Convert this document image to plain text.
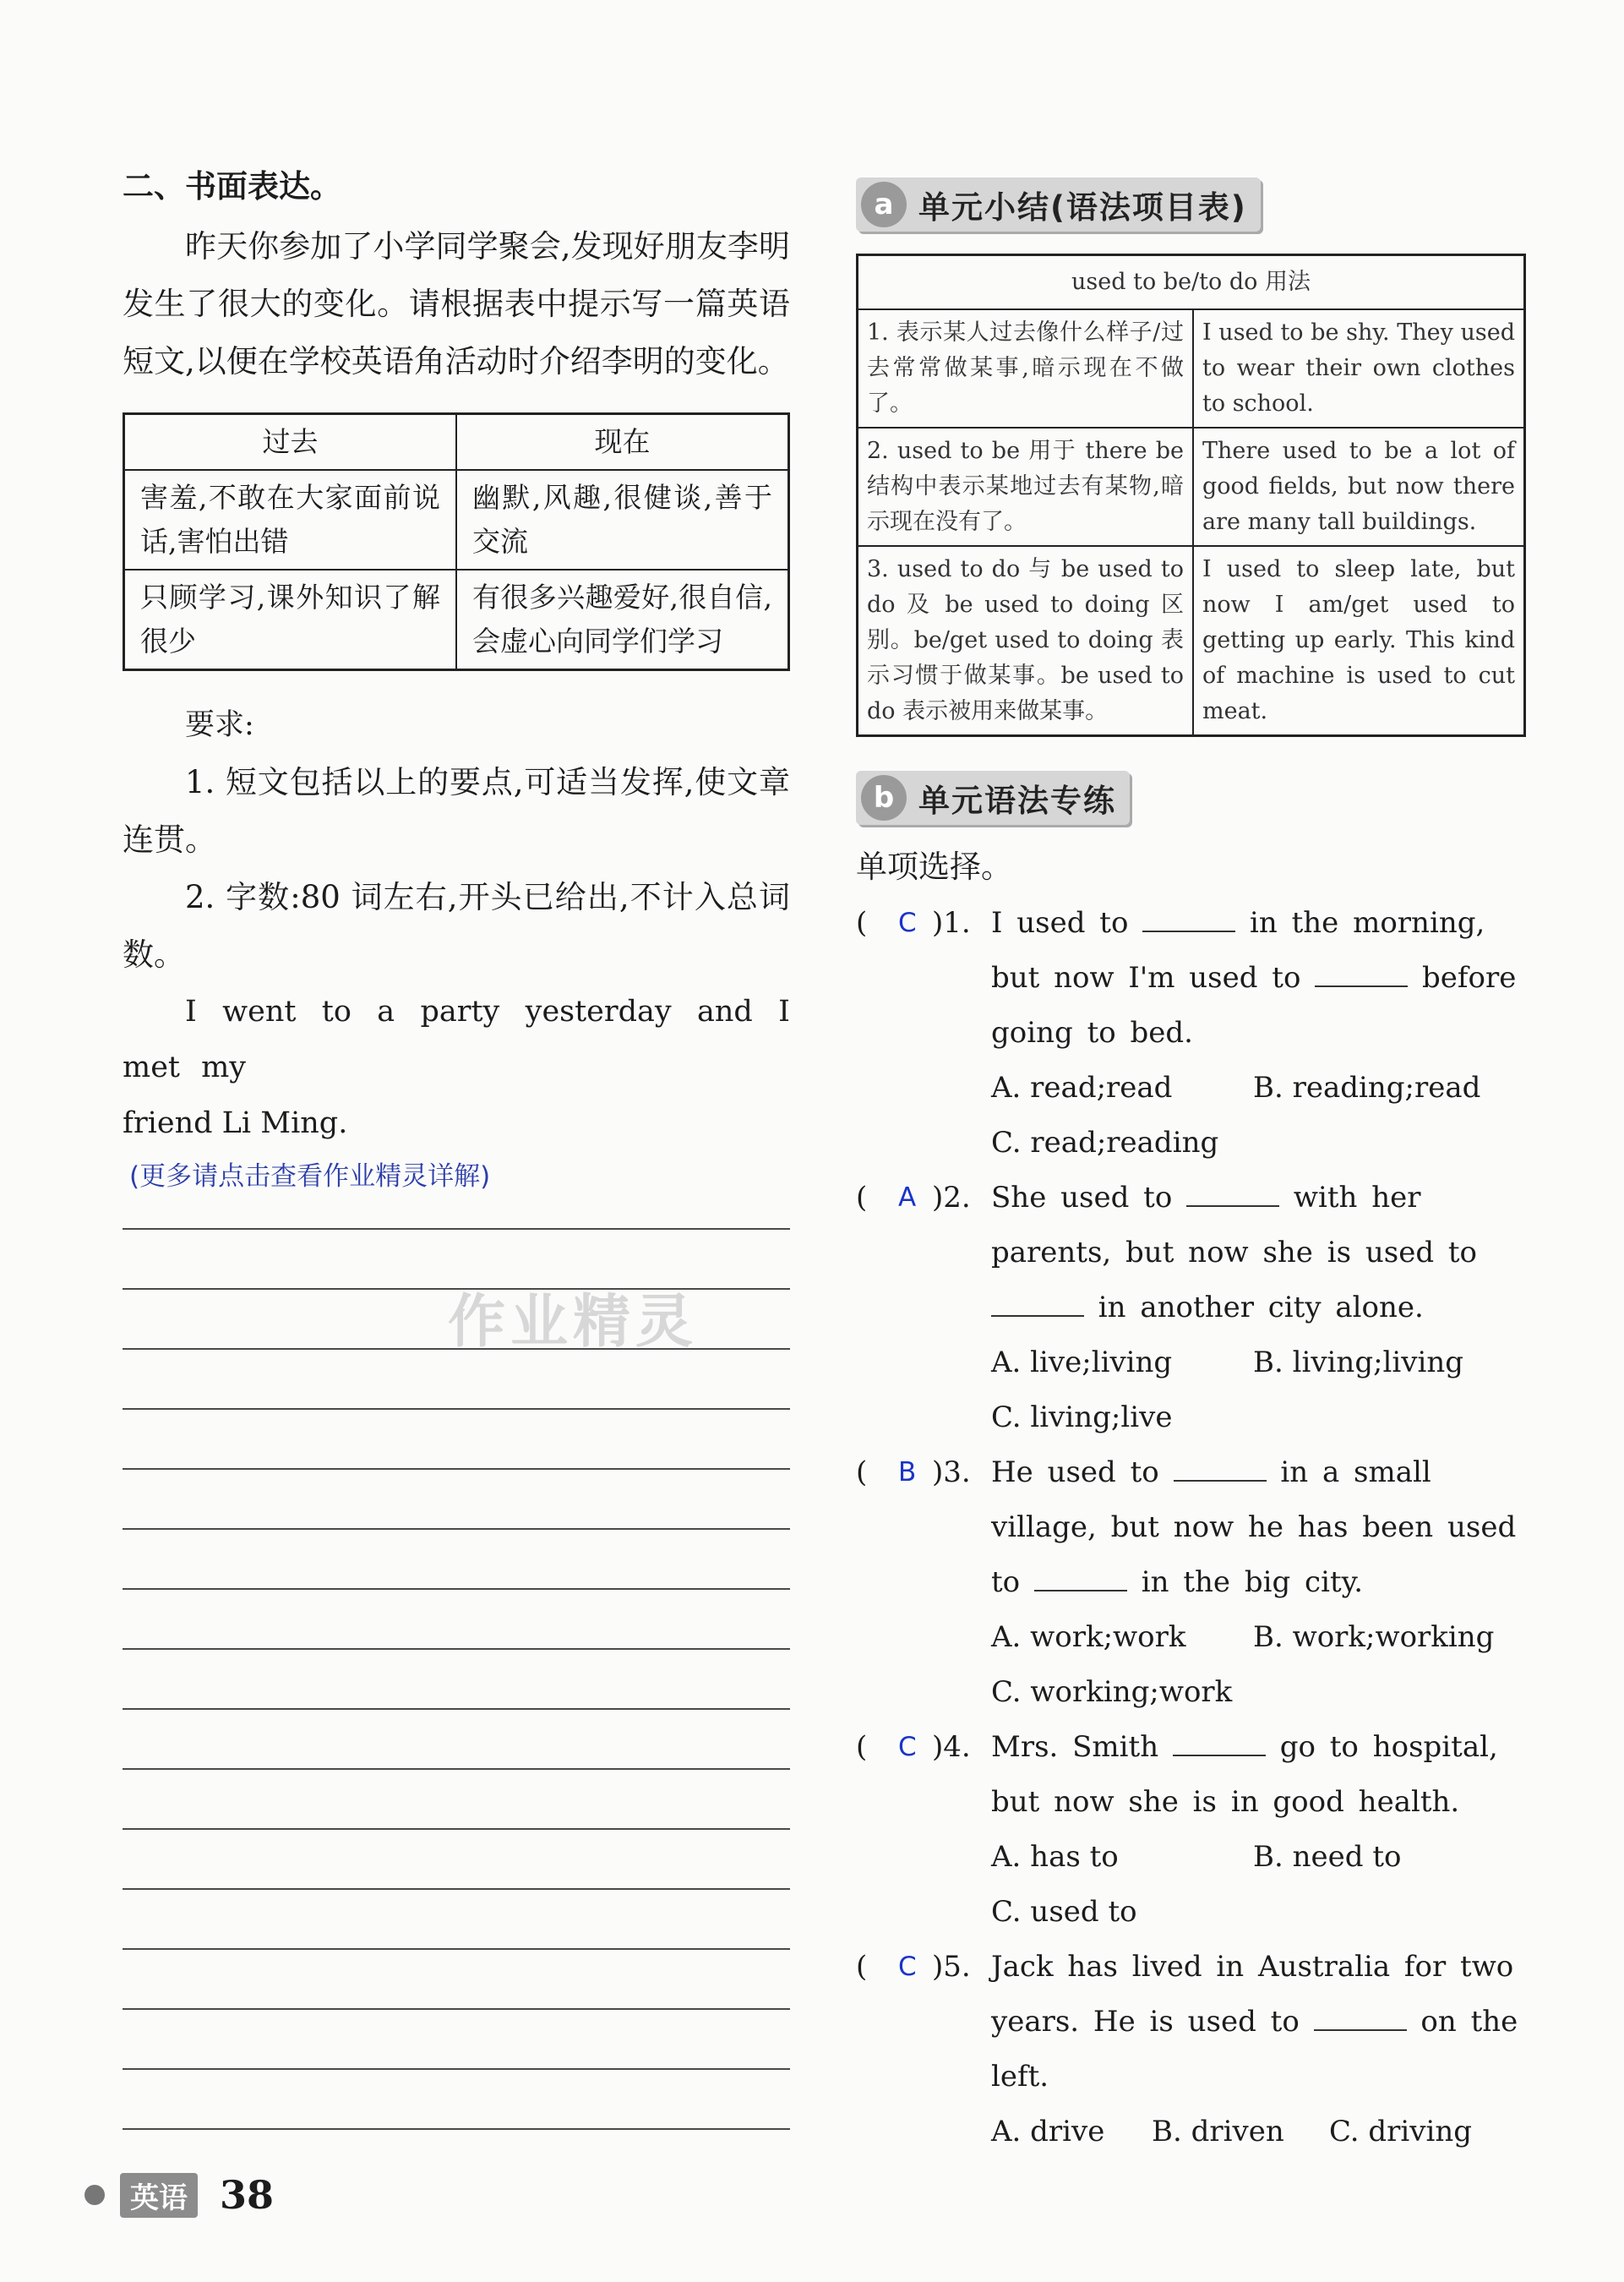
二、书面表达。

昨天你参加了小学同学聚会,发现好朋友李明发生了很大的变化。请根据表中提示写一篇英语短文,以便在学校英语角活动时介绍李明的变化。

过去	现在
害羞,不敢在大家面前说话,害怕出错	幽默,风趣,很健谈,善于交流
只顾学习,课外知识了解很少	有很多兴趣爱好,很自信,会虚心向同学们学习

要求:

1. 短文包括以上的要点,可适当发挥,使文章连贯。

2. 字数:80 词左右,开头已给出,不计入总词数。

I went to a party yesterday and I met my

friend Li Ming.

(更多请点击查看作业精灵详解)
a 单元小结(语法项目表)
used to be/to do 用法	
1. 表示某人过去像什么样子/过去常常做某事,暗示现在不做了。	I used to be shy. They used to wear their own clothes to school.
2. used to be 用于 there be 结构中表示某地过去有某物,暗示现在没有了。	There used to be a lot of good fields, but now there are many tall buildings.
3. used to do 与 be used to do 及 be used to doing 区别。be/get used to doing 表示习惯于做某事。be used to do 表示被用来做某事。	I used to sleep late, but now I am/get used to getting up early. This kind of machine is used to cut meat.
b 单元语法专练

单项选择。

(	C )1. I used to	in the morning, but now I'm used to	before going to bed.

A. read;read	B. reading;read

C. read;reading

(	A )2. She used to	with her parents, but now she is used to  in another city alone.

A. live;living	B. living;living

C. living;live

(	B )3. He used to	in a small village, but now he has been used to	in the big city.

A. work;work B. work;working

C. working;work

(	C )4. Mrs. Smith	go to hospital, but now she is in good health.

A. has to	B. need to

C. used to

(	C )5. Jack has lived in Australia for two years. He is used to	on the left.

A. drive B. driven C. driving

作业精灵
英语 38
